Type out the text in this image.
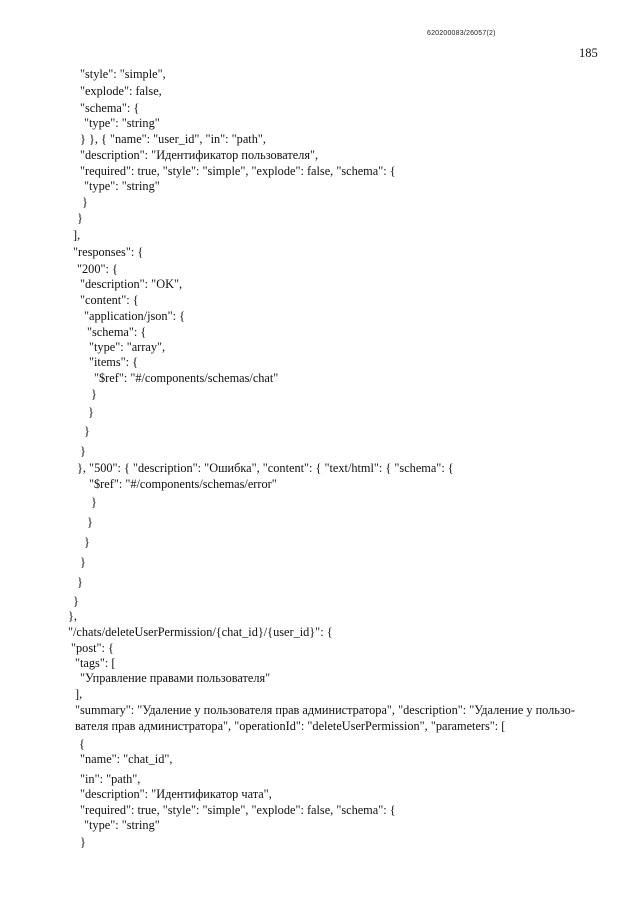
620200083/26057(2)
185
"style": "simple",
"explode": false,
"schema": {
"type": "string"
} }, { "name": "user_id", "in": "path",
"description": "Идентификатор пользователя",
"required": true, "style": "simple", "explode": false, "schema": {
"type": "string"
}
}
],
"responses": {
"200": {
"description": "OK",
"content": {
"application/json": {
"schema": {
"type": "array",
"items": {
"$ref": "#/components/schemas/chat"
}
}
}
}
}, "500": { "description": "Ошибка", "content": { "text/html": { "schema": {
"$ref": "#/components/schemas/error"
}
}
}
}
}
}
},
"/chats/deleteUserPermission/{chat_id}/{user_id}": {
"post": {
"tags": [
"Управление правами пользователя"
],
"summary": "Удаление у пользователя прав администратора", "description": "Удаление у пользо-
вателя прав администратора", "operationId": "deleteUserPermission", "parameters": [
{
"name": "chat_id",
"in": "path",
"description": "Идентификатор чата",
"required": true, "style": "simple", "explode": false, "schema": {
"type": "string"
}
